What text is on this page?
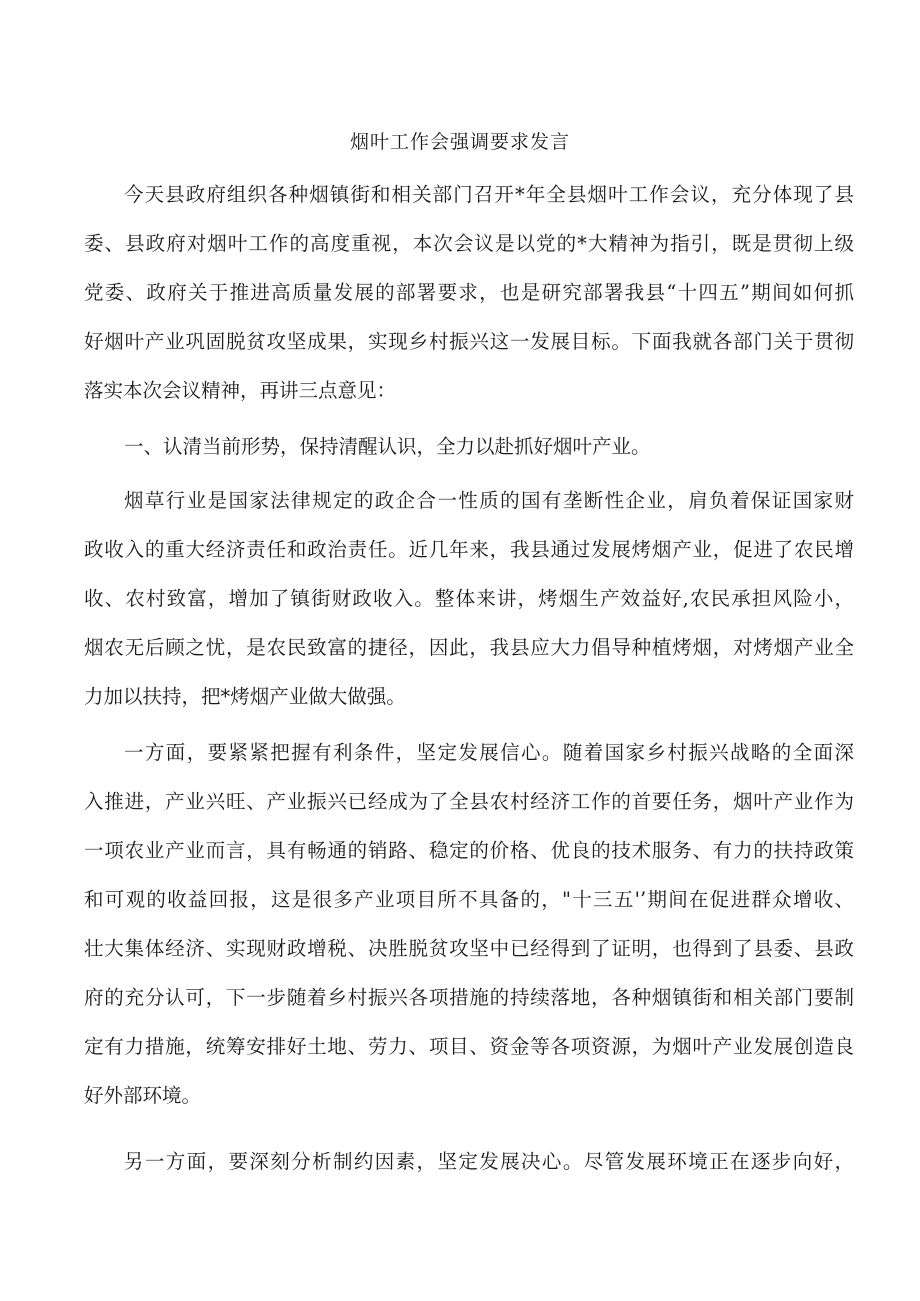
烟叶工作会强调要求发言
今天县政府组织各种烟镇街和相关部门召开*年全县烟叶工作会议，充分体现了县
委、县政府对烟叶工作的高度重视，本次会议是以党的*大精神为指引，既是贯彻上级
党委、政府关于推进高质量发展的部署要求，也是研究部署我县“十四五”期间如何抓
好烟叶产业巩固脱贫攻坚成果，实现乡村振兴这一发展目标。下面我就各部门关于贯彻
落实本次会议精神，再讲三点意见：
一、认清当前形势，保持清醒认识，全力以赴抓好烟叶产业。
烟草行业是国家法律规定的政企合一性质的国有垄断性企业，肩负着保证国家财
政收入的重大经济责任和政治责任。近几年来，我县通过发展烤烟产业，促进了农民增
收、农村致富，增加了镇街财政收入。整体来讲，烤烟生产效益好,农民承担风险小，
烟农无后顾之忧，是农民致富的捷径，因此，我县应大力倡导种植烤烟，对烤烟产业全
力加以扶持，把*烤烟产业做大做强。
一方面，要紧紧把握有利条件，坚定发展信心。随着国家乡村振兴战略的全面深
入推进，产业兴旺、产业振兴已经成为了全县农村经济工作的首要任务，烟叶产业作为
一项农业产业而言，具有畅通的销路、稳定的价格、优良的技术服务、有力的扶持政策
和可观的收益回报，这是很多产业项目所不具备的，"十三五'’期间在促进群众增收、
壮大集体经济、实现财政增税、决胜脱贫攻坚中已经得到了证明，也得到了县委、县政
府的充分认可，下一步随着乡村振兴各项措施的持续落地，各种烟镇街和相关部门要制
定有力措施，统筹安排好土地、劳力、项目、资金等各项资源，为烟叶产业发展创造良
好外部环境。
另一方面，要深刻分析制约因素，坚定发展决心。尽管发展环境正在逐步向好，
